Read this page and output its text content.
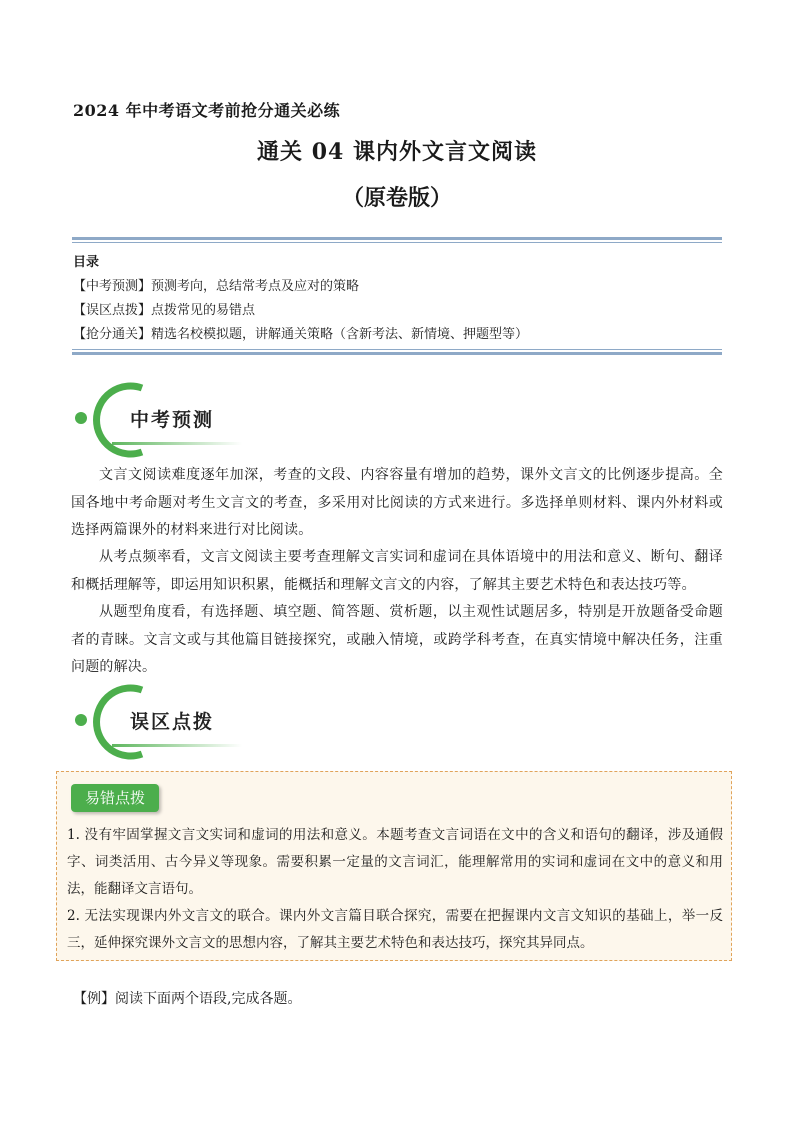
2024 年中考语文考前抢分通关必练
通关 04 课内外文言文阅读
（原卷版）
目录
【中考预测】预测考向，总结常考点及应对的策略
【误区点拨】点拨常见的易错点
【抢分通关】精选名校模拟题，讲解通关策略（含新考法、新情境、押题型等）
中考预测
文言文阅读难度逐年加深，考查的文段、内容容量有增加的趋势，课外文言文的比例逐步提高。全国各地中考命题对考生文言文的考查，多采用对比阅读的方式来进行。多选择单则材料、课内外材料或选择两篇课外的材料来进行对比阅读。
从考点频率看，文言文阅读主要考查理解文言实词和虚词在具体语境中的用法和意义、断句、翻译和概括理解等，即运用知识积累，能概括和理解文言文的内容，了解其主要艺术特色和表达技巧等。
从题型角度看，有选择题、填空题、简答题、赏析题，以主观性试题居多，特别是开放题备受命题者的青睐。文言文或与其他篇目链接探究，或融入情境，或跨学科考查，在真实情境中解决任务，注重问题的解决。
误区点拨
易错点拨
1. 没有牢固掌握文言文实词和虚词的用法和意义。本题考查文言词语在文中的含义和语句的翻译，涉及通假字、词类活用、古今异义等现象。需要积累一定量的文言词汇，能理解常用的实词和虚词在文中的意义和用法，能翻译文言语句。
2. 无法实现课内外文言文的联合。课内外文言篇目联合探究，需要在把握课内文言文知识的基础上，举一反三，延伸探究课外文言文的思想内容，了解其主要艺术特色和表达技巧，探究其异同点。
【例】阅读下面两个语段,完成各题。
